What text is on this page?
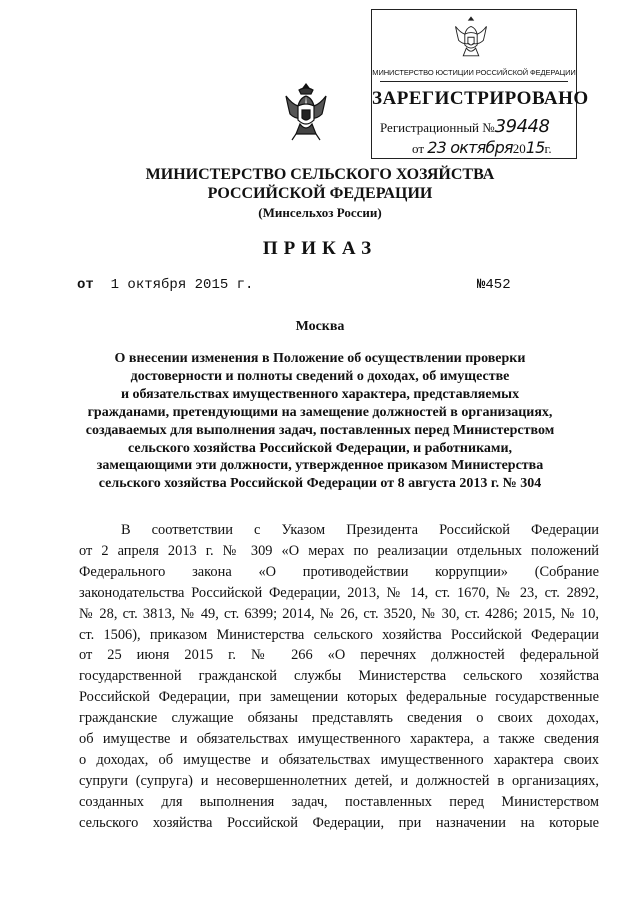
МИНИСТЕРСТВО ЮСТИЦИИ РОССИЙСКОЙ ФЕДЕРАЦИИ
ЗАРЕГИСТРИРОВАНО
Регистрационный №39448
от 23 октября2015г.
МИНИСТЕРСТВО СЕЛЬСКОГО ХОЗЯЙСТВА
РОССИЙСКОЙ ФЕДЕРАЦИИ
(Минсельхоз России)
ПРИКАЗ
от 1 октября 2015 г.	№452
Москва
О внесении изменения в Положение об осуществлении проверки
достоверности и полноты сведений о доходах, об имуществе
и обязательствах имущественного характера, представляемых
гражданами, претендующими на замещение должностей в организациях,
создаваемых для выполнения задач, поставленных перед Министерством
сельского хозяйства Российской Федерации, и работниками,
замещающими эти должности, утвержденное приказом Министерства
сельского хозяйства Российской Федерации от 8 августа 2013 г. № 304
В соответствии с Указом Президента Российской Федерации
от 2 апреля 2013 г. № 309 «О мерах по реализации отдельных положений
Федерального закона «О противодействии коррупции» (Собрание
законодательства Российской Федерации, 2013, № 14, ст. 1670, № 23, ст. 2892,
№ 28, ст. 3813, № 49, ст. 6399; 2014, № 26, ст. 3520, № 30, ст. 4286; 2015, № 10,
ст. 1506), приказом Министерства сельского хозяйства Российской Федерации
от 25 июня 2015 г. № 266 «О перечнях должностей федеральной
государственной гражданской службы Министерства сельского хозяйства
Российской Федерации, при замещении которых федеральные государственные
гражданские служащие обязаны представлять сведения о своих доходах,
об имуществе и обязательствах имущественного характера, а также сведения
о доходах, об имуществе и обязательствах имущественного характера своих
супруги (супруга) и несовершеннолетних детей, и должностей в организациях,
созданных для выполнения задач, поставленных перед Министерством
сельского хозяйства Российской Федерации, при назначении на которые
